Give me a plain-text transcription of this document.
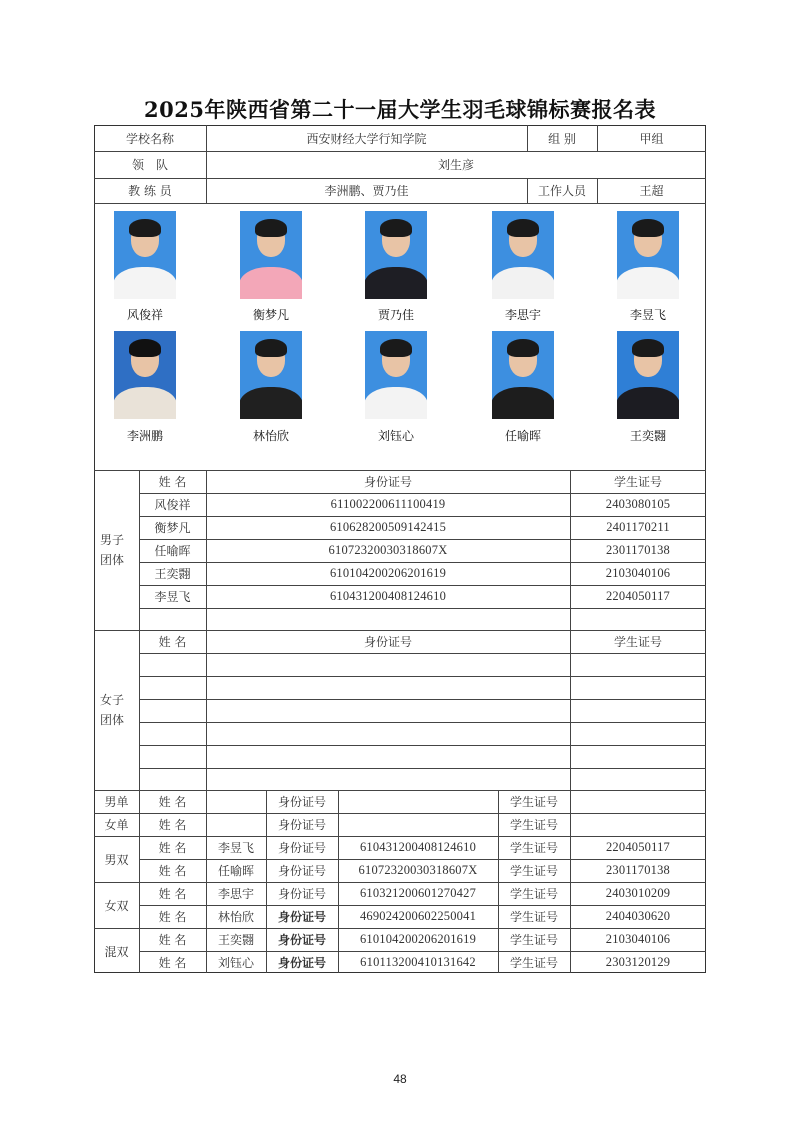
2025年陕西省第二十一届大学生羽毛球锦标赛报名表
学校名称	西安财经大学行知学院	组 别	甲组
领　队	刘生彦
教 练 员	李洲鹏、贾乃佳	工作人员	王超
风俊祥	衡梦凡	贾乃佳	李思宇	李昱飞
李洲鹏	林怡欣	刘钰心	任喻晖	王奕翾
男子团体
姓 名	身份证号	学生证号
风俊祥	611002200611100419	2403080105
衡梦凡	610628200509142415	2401170211
任喻晖	61072320030318607X	2301170138
王奕翾	610104200206201619	2103040106
李昱飞	610431200408124610	2204050117
女子团体
姓 名	身份证号	学生证号
男单	姓 名	身份证号	学生证号
女单	姓 名	身份证号	学生证号
男双
姓 名	李昱飞	身份证号	610431200408124610	学生证号	2204050117
姓 名	任喻晖	身份证号	61072320030318607X	学生证号	2301170138
女双
姓 名	李思宇	身份证号	610321200601270427	学生证号	2403010209
姓 名	林怡欣	身份证号	469024200602250041	学生证号	2404030620
混双
姓 名	王奕翾	身份证号	610104200206201619	学生证号	2103040106
姓 名	刘钰心	身份证号	610113200410131642	学生证号	2303120129
48
